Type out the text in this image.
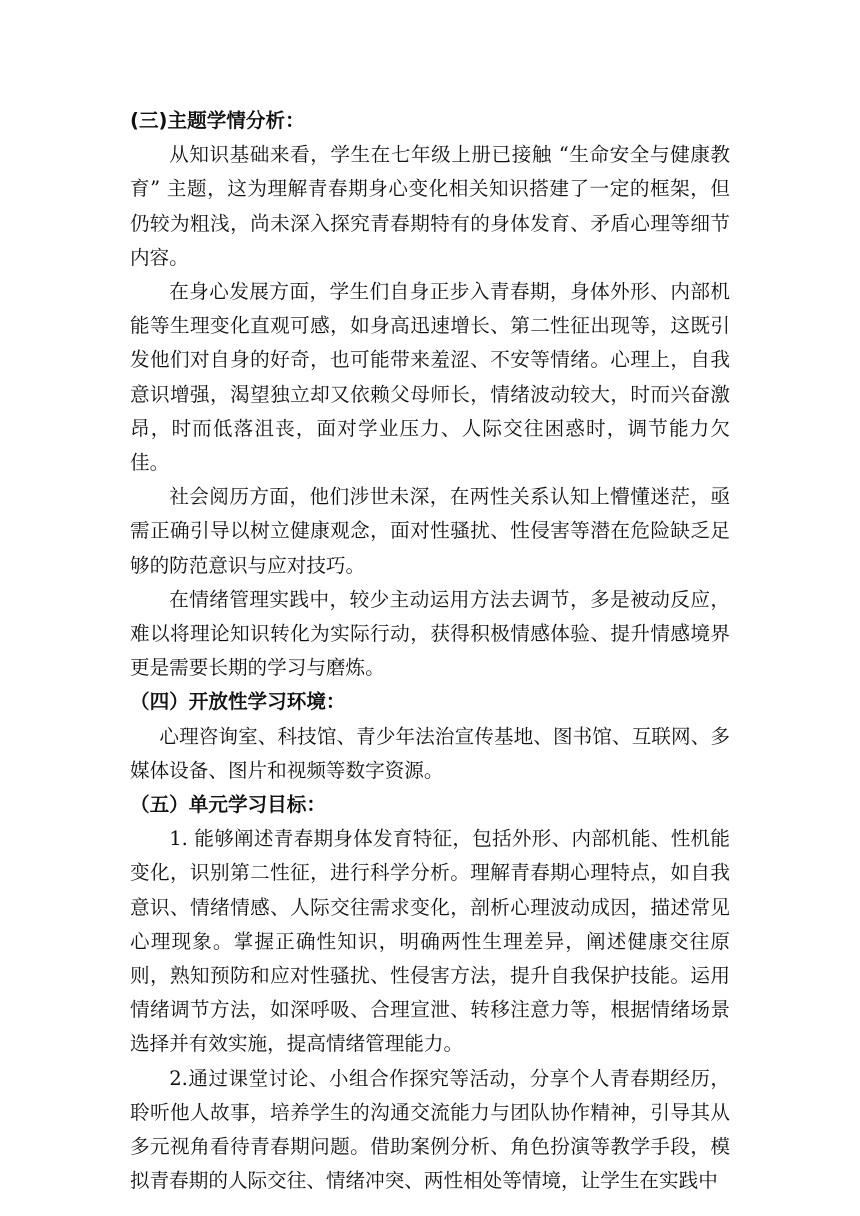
(三)主题学情分析：

从知识基础来看，学生在七年级上册已接触 “生命安全与健康教育” 主题，这为理解青春期身心变化相关知识搭建了一定的框架，但仍较为粗浅，尚未深入探究青春期特有的身体发育、矛盾心理等细节内容。

在身心发展方面，学生们自身正步入青春期，身体外形、内部机能等生理变化直观可感，如身高迅速增长、第二性征出现等，这既引发他们对自身的好奇，也可能带来羞涩、不安等情绪。心理上，自我意识增强，渴望独立却又依赖父母师长，情绪波动较大，时而兴奋激昂，时而低落沮丧，面对学业压力、人际交往困惑时，调节能力欠佳。

社会阅历方面，他们涉世未深，在两性关系认知上懵懂迷茫，亟需正确引导以树立健康观念，面对性骚扰、性侵害等潜在危险缺乏足够的防范意识与应对技巧。

在情绪管理实践中，较少主动运用方法去调节，多是被动反应，难以将理论知识转化为实际行动，获得积极情感体验、提升情感境界更是需要长期的学习与磨炼。

（四）开放性学习环境：

心理咨询室、科技馆、青少年法治宣传基地、图书馆、互联网、多媒体设备、图片和视频等数字资源。

（五）单元学习目标：

1. 能够阐述青春期身体发育特征，包括外形、内部机能、性机能变化，识别第二性征，进行科学分析。理解青春期心理特点，如自我意识、情绪情感、人际交往需求变化，剖析心理波动成因，描述常见心理现象。掌握正确性知识，明确两性生理差异，阐述健康交往原则，熟知预防和应对性骚扰、性侵害方法，提升自我保护技能。运用情绪调节方法，如深呼吸、合理宣泄、转移注意力等，根据情绪场景选择并有效实施，提高情绪管理能力。

2.通过课堂讨论、小组合作探究等活动，分享个人青春期经历，聆听他人故事，培养学生的沟通交流能力与团队协作精神，引导其从多元视角看待青春期问题。借助案例分析、角色扮演等教学手段，模拟青春期的人际交往、情绪冲突、两性相处等情境，让学生在实践中
